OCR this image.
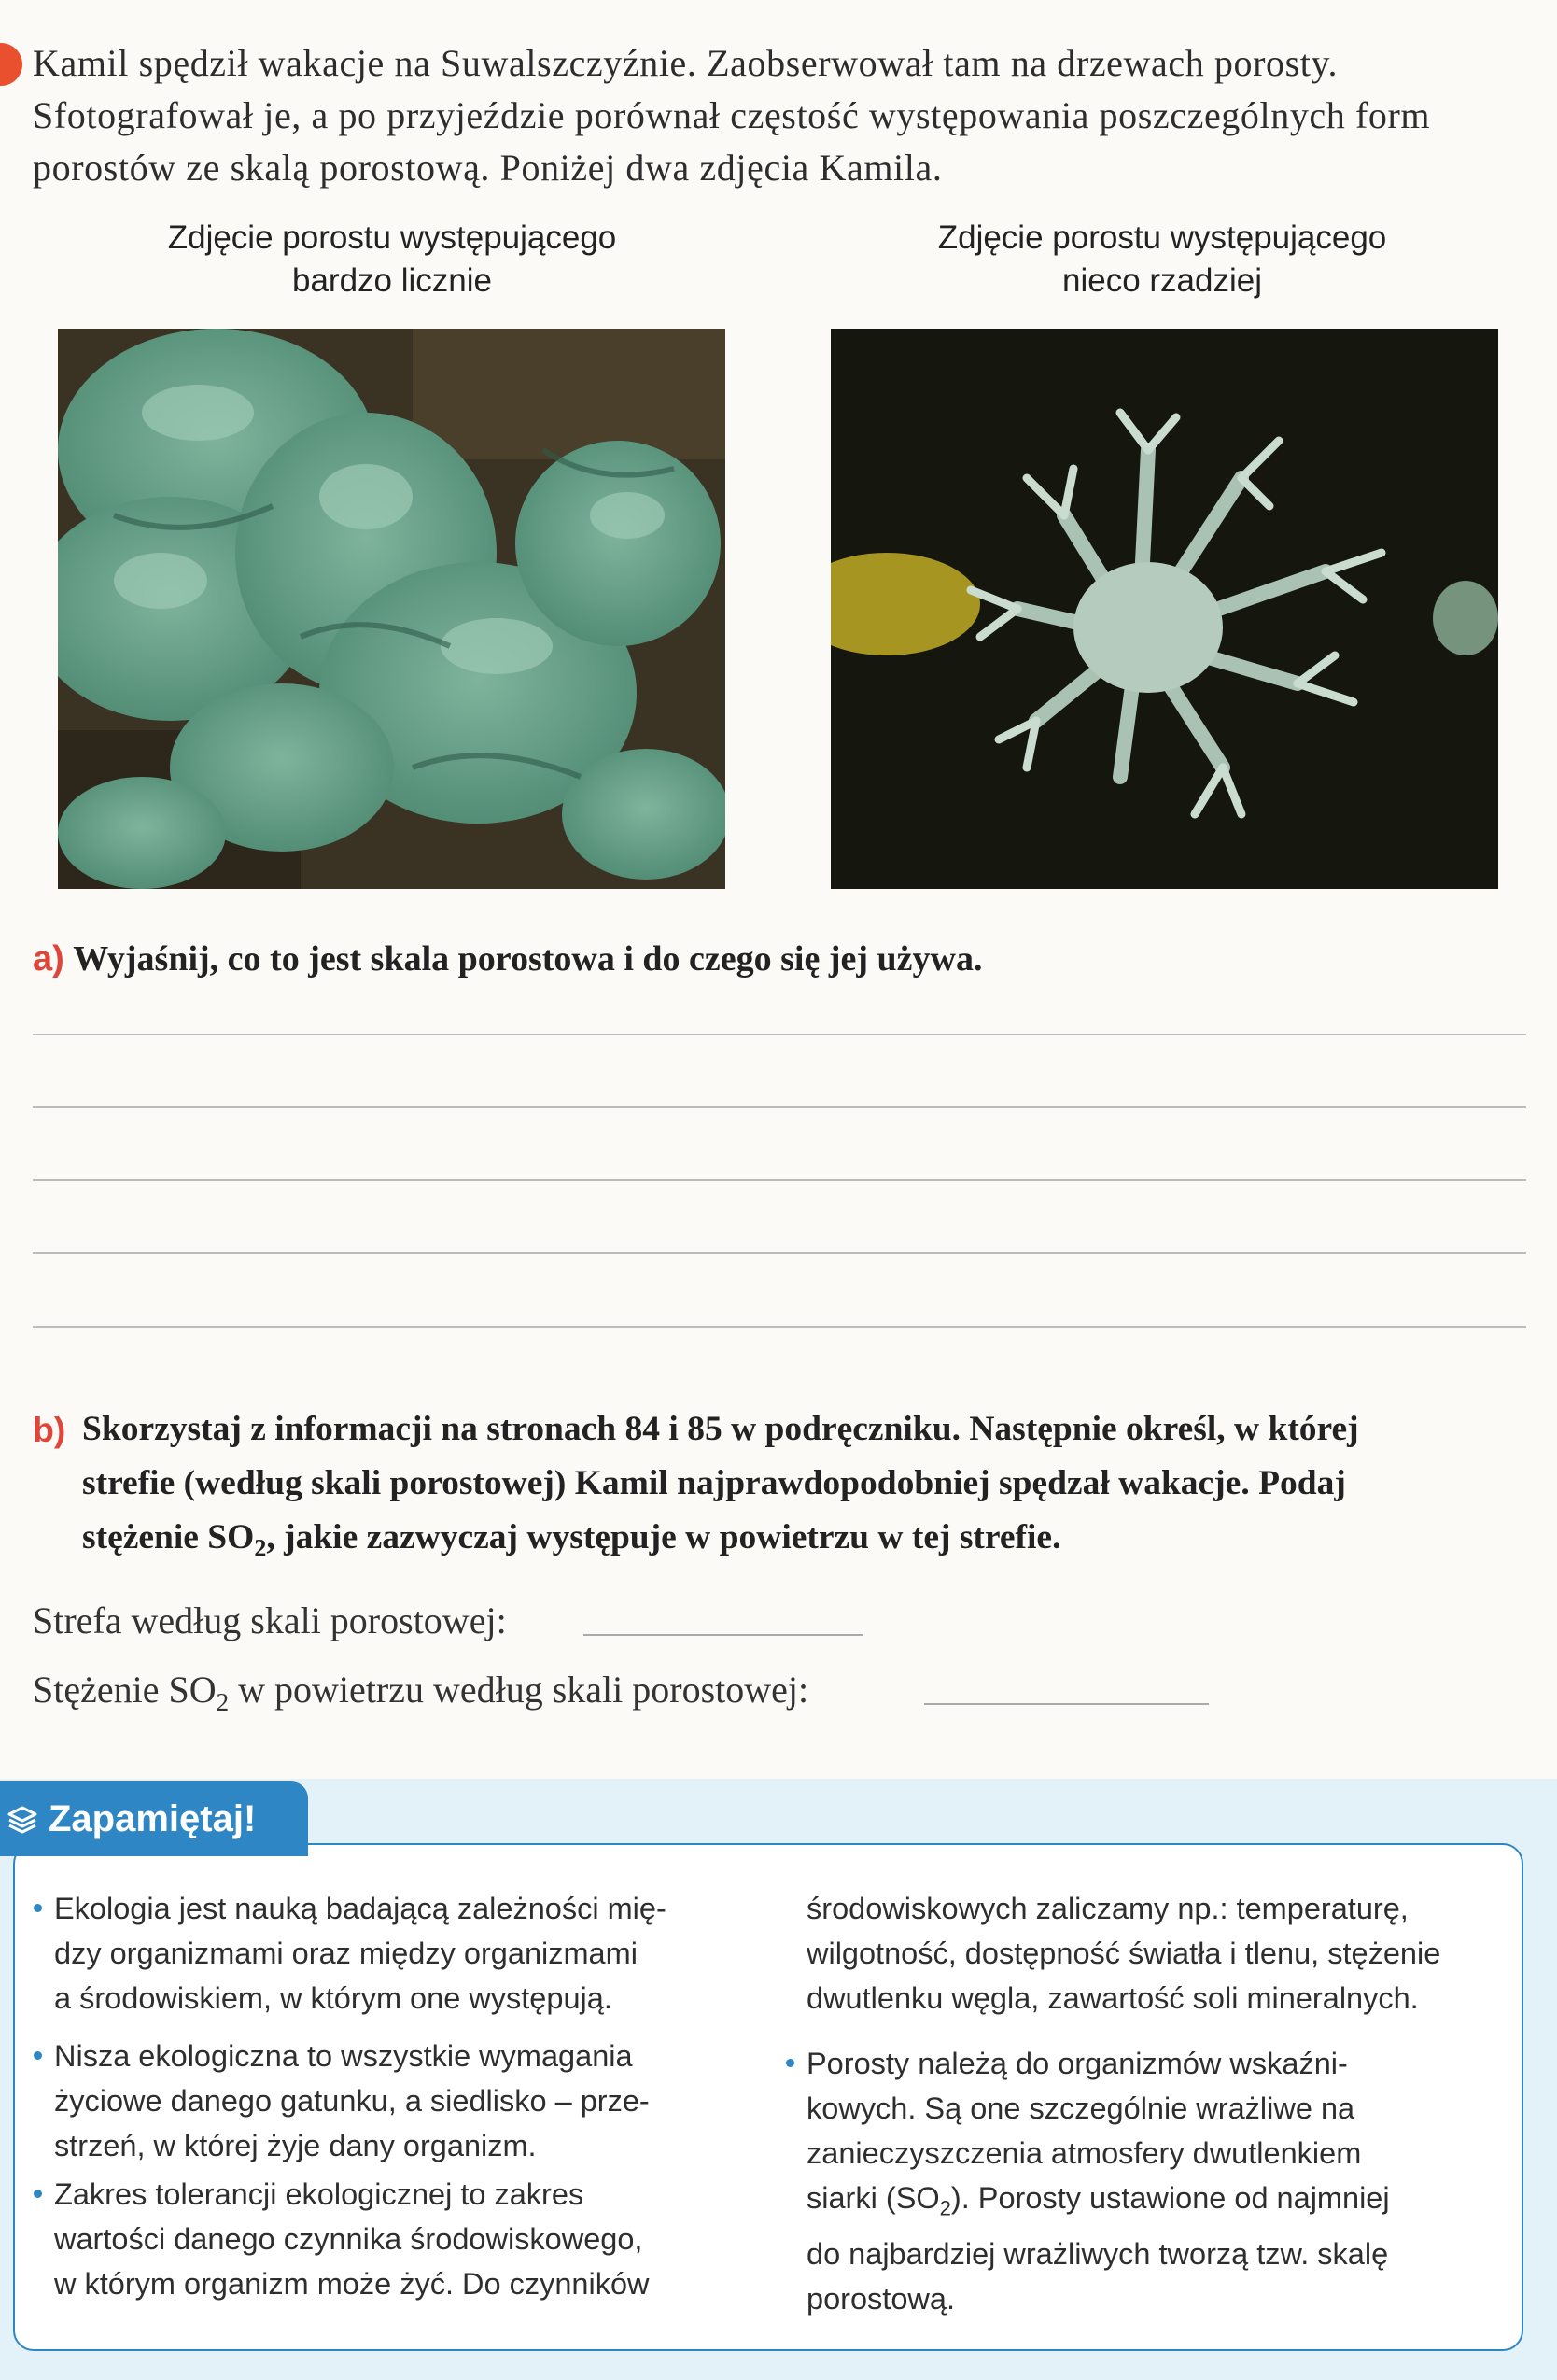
Kamil spędził wakacje na Suwalszczyźnie. Zaobserwował tam na drzewach porosty.
Sfotografował je, a po przyjeździe porównał częstość występowania poszczególnych form
porostów ze skalą porostową. Poniżej dwa zdjęcia Kamila.
Zdjęcie porostu występującego
bardzo licznie
Zdjęcie porostu występującego
nieco rzadziej
a) Wyjaśnij, co to jest skala porostowa i do czego się jej używa.
b) Skorzystaj z informacji na stronach 84 i 85 w podręczniku. Następnie określ, w której
strefie (według skali porostowej) Kamil najprawdopodobniej spędzał wakacje. Podaj
stężenie $SO_2$, jakie zazwyczaj występuje w powietrzu w tej strefie.
Strefa według skali porostowej:
Stężenie $SO_2$ w powietrzu według skali porostowej:
Zapamiętaj!

Ekologia jest nauką badającą zależności mię-

dzy organizmami oraz między organizmami

a środowiskiem, w którym one występują.

Nisza ekologiczna to wszystkie wymagania

życiowe danego gatunku, a siedlisko – prze-

strzeń, w której żyje dany organizm.

Zakres tolerancji ekologicznej to zakres

wartości danego czynnika środowiskowego,

w którym organizm może żyć. Do czynników

środowiskowych zaliczamy np.: temperaturę,

wilgotność, dostępność światła i tlenu, stężenie

dwutlenku węgla, zawartość soli mineralnych.

Porosty należą do organizmów wskaźni-

kowych. Są one szczególnie wrażliwe na

zanieczyszczenia atmosfery dwutlenkiem

siarki $(SO_2)$. Porosty ustawione od najmniej

do najbardziej wrażliwych tworzą tzw. skalę

porostową.
